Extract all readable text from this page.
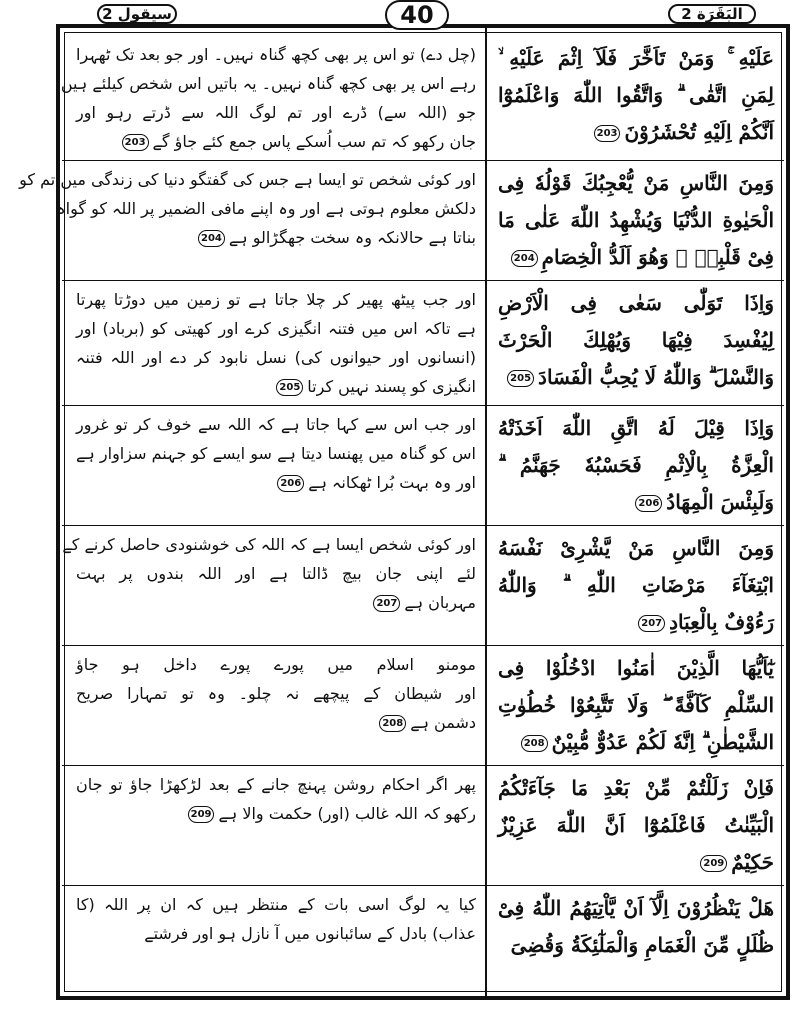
سيقول 2	40	البَقَرَة 2
(چل دے) تو اس پر بھی کچھ گناہ نہیں۔ اور جو بعد تک ٹھہرا
رہے اس پر بھی کچھ گناہ نہیں۔ یہ باتیں اس شخص کیلئے ہیں
جو (اللہ سے) ڈرے اور تم لوگ اللہ سے ڈرتے رہو اور
جان رکھو کہ تم سب اُسکے پاس جمع کئے جاؤ گے203
عَلَيْهِ ۚ وَمَنْ تَاَخَّرَ فَلَآ اِثْمَ عَلَيْهِ ۙ
لِمَنِ اتَّقٰى ۗ وَاتَّقُوا اللّٰهَ وَاعْلَمُوْٓا
اَنَّكُمْ اِلَيْهِ تُحْشَرُوْنَ203
اور کوئی شخص تو ایسا ہے جس کی گفتگو دنیا کی زندگی میں تم کو
دلکش معلوم ہوتی ہے اور وہ اپنے مافی الضمیر پر اللہ کو گواہ
بناتا ہے حالانکہ وہ سخت جھگڑالو ہے204
وَمِنَ النَّاسِ مَنْ يُّعْجِبُكَ قَوْلُهٗ فِى
الْحَيٰوةِ الدُّنْيَا وَيُشْهِدُ اللّٰهَ عَلٰى مَا
فِىْ قَلْبِهٖ ۙ وَهُوَ اَلَدُّ الْخِصَامِ204
اور جب پیٹھ پھیر کر چلا جاتا ہے تو زمین میں دوڑتا پھرتا
ہے تاکہ اس میں فتنہ انگیزی کرے اور کھیتی کو (برباد) اور
(انسانوں اور حیوانوں کی) نسل نابود کر دے اور اللہ فتنہ
انگیزی کو پسند نہیں کرتا205
وَاِذَا تَوَلّٰى سَعٰى فِى الْاَرْضِ
لِيُفْسِدَ فِيْهَا وَيُهْلِكَ الْحَرْثَ
وَالنَّسْلَ ۗ وَاللّٰهُ لَا يُحِبُّ الْفَسَادَ205
اور جب اس سے کہا جاتا ہے کہ اللہ سے خوف کر تو غرور
اس کو گناہ میں پھنسا دیتا ہے سو ایسے کو جہنم سزاوار ہے
اور وہ بہت بُرا ٹھکانہ ہے206
وَاِذَا قِيْلَ لَهُ اتَّقِ اللّٰهَ اَخَذَتْهُ
الْعِزَّةُ بِالْاِثْمِ فَحَسْبُهٗ جَهَنَّمُ ۗ
وَلَبِئْسَ الْمِهَادُ206
اور کوئی شخص ایسا ہے کہ اللہ کی خوشنودی حاصل کرنے کے
لئے اپنی جان بیچ ڈالتا ہے اور اللہ بندوں پر بہت
مہربان ہے207
وَمِنَ النَّاسِ مَنْ يَّشْرِىْ نَفْسَهُ
ابْتِغَآءَ مَرْضَاتِ اللّٰهِ ۗ وَاللّٰهُ
رَءُوْفٌ بِالْعِبَادِ207
مومنو اسلام میں پورے پورے داخل ہو جاؤ
اور شیطان کے پیچھے نہ چلو۔ وہ تو تمہارا صریح
دشمن ہے208
يٰٓاَيُّهَا الَّذِيْنَ اٰمَنُوا ادْخُلُوْا فِى
السِّلْمِ كَآفَّةً ۖ وَلَا تَتَّبِعُوْا خُطُوٰتِ
الشَّيْطٰنِ ۗ اِنَّهٗ لَكُمْ عَدُوٌّ مُّبِيْنٌ208
پھر اگر احکام روشن پہنچ جانے کے بعد لڑکھڑا جاؤ تو جان
رکھو کہ اللہ غالب (اور) حکمت والا ہے209
فَاِنْ زَلَلْتُمْ مِّنْ بَعْدِ مَا جَآءَتْكُمُ
الْبَيِّنٰتُ فَاعْلَمُوْٓا اَنَّ اللّٰهَ عَزِيْزٌ
حَكِيْمٌ209
کیا یہ لوگ اسی بات کے منتظر ہیں کہ ان پر اللہ (کا
عذاب) بادل کے سائبانوں میں آ نازل ہو اور فرشتے
هَلْ يَنْظُرُوْنَ اِلَّآ اَنْ يَّاْتِيَهُمُ اللّٰهُ فِىْ
ظُلَلٍ مِّنَ الْغَمَامِ وَالْمَلٰٓئِكَةُ وَقُضِىَ
